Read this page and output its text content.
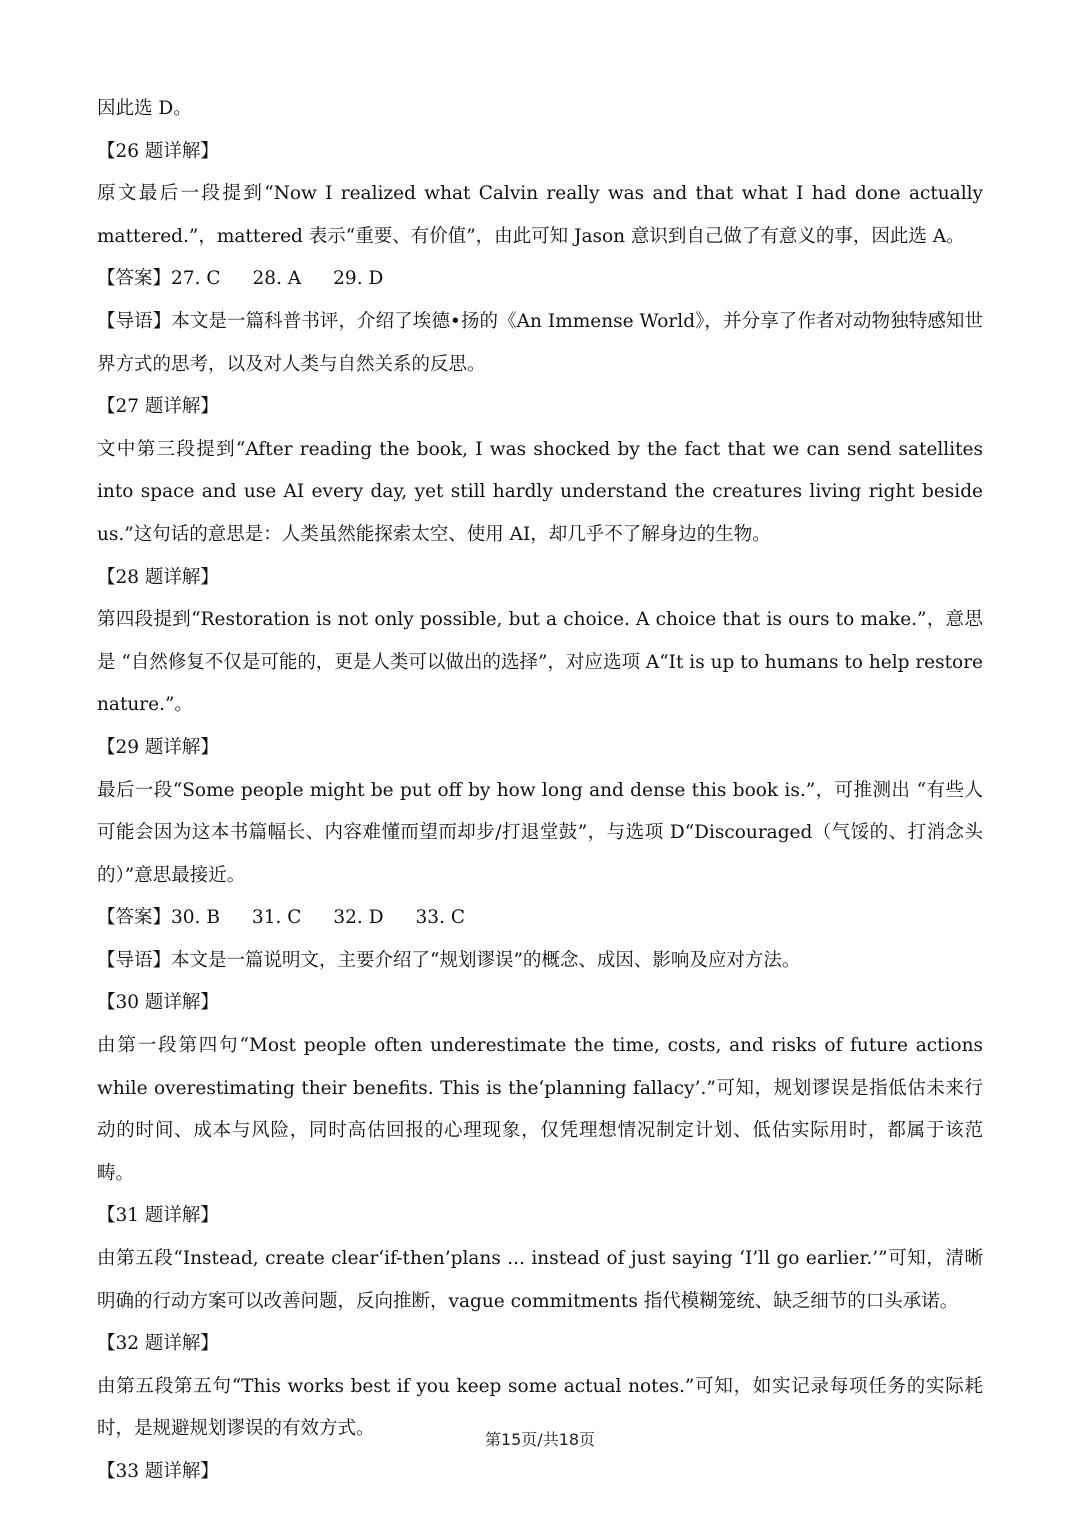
因此选 D。
【26 题详解】
原文最后一段提到“Now I realized what Calvin really was and that what I had done actually mattered.”，mattered 表示“重要、有价值”，由此可知 Jason 意识到自己做了有意义的事，因此选 A。
【答案】27. C 28. A 29. D
【导语】本文是一篇科普书评，介绍了埃德•扬的《An Immense World》，并分享了作者对动物独特感知世界方式的思考，以及对人类与自然关系的反思。
【27 题详解】
文中第三段提到“After reading the book, I was shocked by the fact that we can send satellites into space and use AI every day, yet still hardly understand the creatures living right beside us.”这句话的意思是：人类虽然能探索太空、使用 AI，却几乎不了解身边的生物。
【28 题详解】
第四段提到“Restoration is not only possible, but a choice. A choice that is ours to make.”，意思是 “自然修复不仅是可能的，更是人类可以做出的选择”，对应选项 A“It is up to humans to help restore nature.”。
【29 题详解】
最后一段“Some people might be put off by how long and dense this book is.”，可推测出 “有些人可能会因为这本书篇幅长、内容难懂而望而却步/打退堂鼓”，与选项 D“Discouraged（气馁的、打消念头的）”意思最接近。
【答案】30. B 31. C 32. D 33. C
【导语】本文是一篇说明文，主要介绍了“规划谬误”的概念、成因、影响及应对方法。
【30 题详解】
由第一段第四句“Most people often underestimate the time, costs, and risks of future actions while overestimating their benefits. This is the‘planning fallacy’.”可知，规划谬误是指低估未来行动的时间、成本与风险，同时高估回报的心理现象，仅凭理想情况制定计划、低估实际用时，都属于该范畴。
【31 题详解】
由第五段“Instead, create clear‘if-then’plans ... instead of just saying ‘I’ll go earlier.’”可知，清晰明确的行动方案可以改善问题，反向推断，vague commitments 指代模糊笼统、缺乏细节的口头承诺。
【32 题详解】
由第五段第五句“This works best if you keep some actual notes.”可知，如实记录每项任务的实际耗时，是规避规划谬误的有效方式。
【33 题详解】
第15页/共18页
